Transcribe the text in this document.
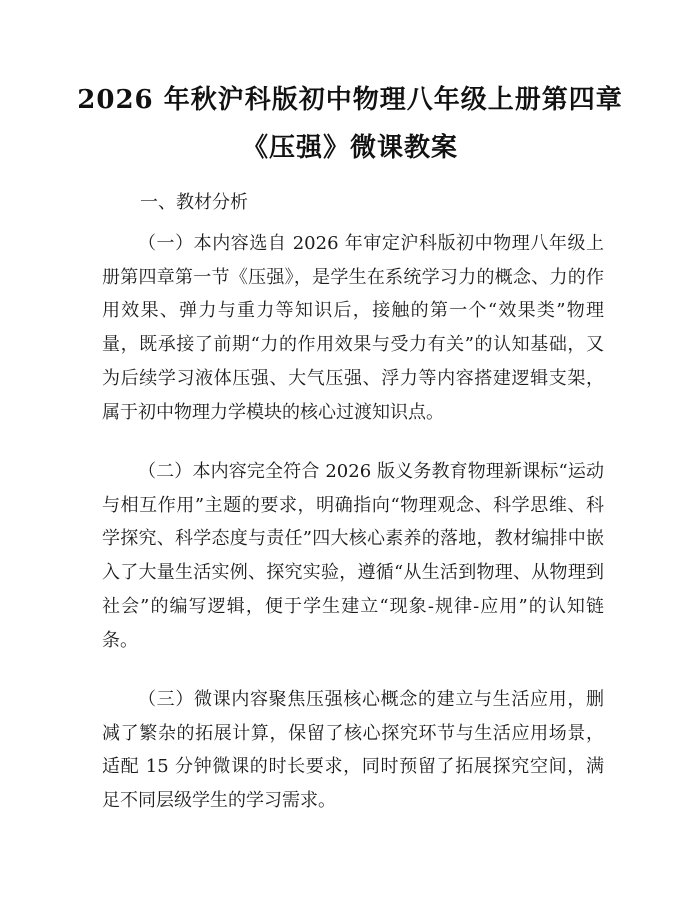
2026 年秋沪科版初中物理八年级上册第四章
《压强》微课教案
一、教材分析

（一）本内容选自 2026 年审定沪科版初中物理八年级上册第四章第一节《压强》，是学生在系统学习力的概念、力的作用效果、弹力与重力等知识后，接触的第一个“效果类”物理量，既承接了前期“力的作用效果与受力有关”的认知基础，又为后续学习液体压强、大气压强、浮力等内容搭建逻辑支架，属于初中物理力学模块的核心过渡知识点。

（二）本内容完全符合 2026 版义务教育物理新课标“运动与相互作用”主题的要求，明确指向“物理观念、科学思维、科学探究、科学态度与责任”四大核心素养的落地，教材编排中嵌入了大量生活实例、探究实验，遵循“从生活到物理、从物理到社会”的编写逻辑，便于学生建立“现象-规律-应用”的认知链条。

（三）微课内容聚焦压强核心概念的建立与生活应用，删减了繁杂的拓展计算，保留了核心探究环节与生活应用场景，适配 15 分钟微课的时长要求，同时预留了拓展探究空间，满足不同层级学生的学习需求。
